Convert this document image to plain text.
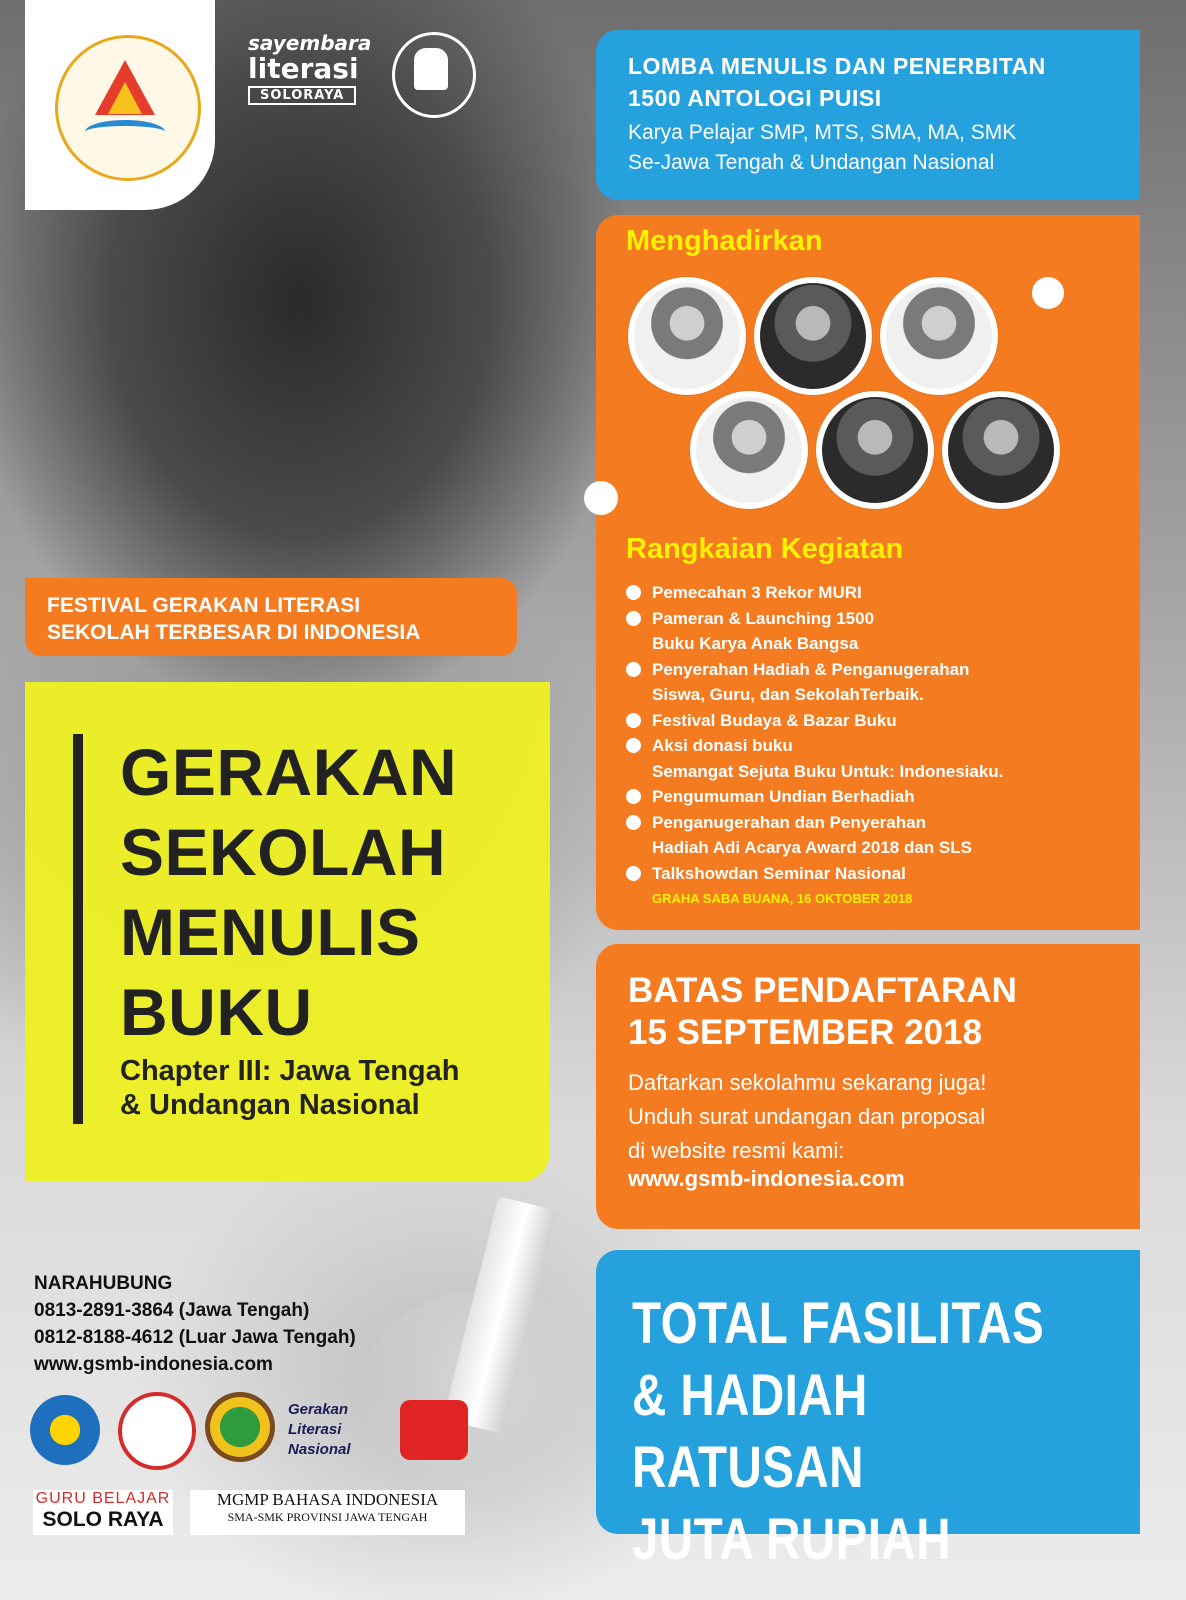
sayembara
literasi
SOLORAYA
LOMBA MENULIS DAN PENERBITAN
1500 ANTOLOGI PUISI
Karya Pelajar SMP, MTS, SMA, MA, SMK
Se-Jawa Tengah & Undangan Nasional
Menghadirkan
Rangkaian Kegiatan
Pemecahan 3 Rekor MURI
Pameran & Launching 1500
Buku Karya Anak Bangsa
Penyerahan Hadiah & Penganugerahan
Siswa, Guru, dan SekolahTerbaik.
Festival Budaya & Bazar Buku
Aksi donasi buku
Semangat Sejuta Buku Untuk: Indonesiaku.
Pengumuman Undian Berhadiah
Penganugerahan dan Penyerahan
Hadiah Adi Acarya Award 2018 dan SLS
Talkshowdan Seminar Nasional
GRAHA SABA BUANA, 16 OKTOBER 2018
BATAS PENDAFTARAN
15 SEPTEMBER 2018
Daftarkan sekolahmu sekarang juga!
Unduh surat undangan dan proposal
di website resmi kami:
www.gsmb-indonesia.com
TOTAL FASILITAS
& HADIAH RATUSAN
JUTA RUPIAH
FESTIVAL GERAKAN LITERASI
SEKOLAH TERBESAR DI INDONESIA
GERAKAN
SEKOLAH
MENULIS
BUKU
Chapter III: Jawa Tengah
& Undangan Nasional
NARAHUBUNG
0813-2891-3864 (Jawa Tengah)
0812-8188-4612 (Luar Jawa Tengah)
www.gsmb-indonesia.com
Gerakan
Literasi
Nasional
GURU BELAJAR
SOLO RAYA
MGMP BAHASA INDONESIA
SMA-SMK PROVINSI JAWA TENGAH
